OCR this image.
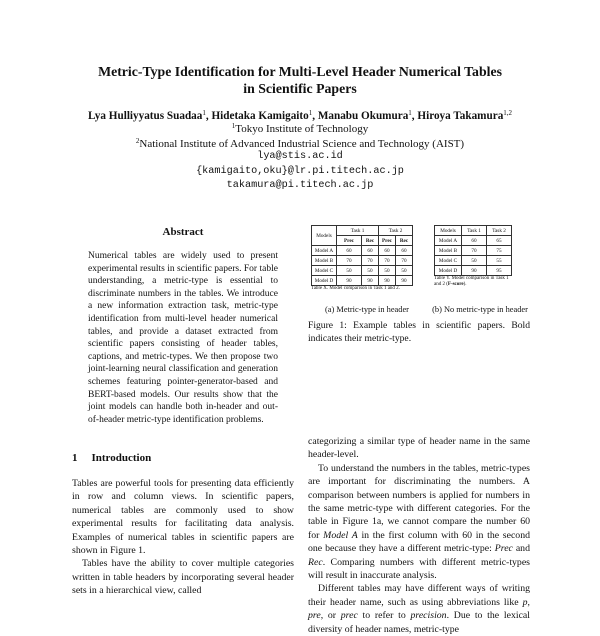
Metric-Type Identification for Multi-Level Header Numerical Tables
in Scientific Papers
Lya Hulliyyatus Suadaa$^1$, Hidetaka Kamigaito$^1$, Manabu Okumura$^1$, Hiroya Takamura$^{1,2}$
$^1$Tokyo Institute of Technology
$^2$National Institute of Advanced Industrial Science and Technology (AIST)
lya@stis.ac.id
{kamigaito,oku}@lr.pi.titech.ac.jp
takamura@pi.titech.ac.jp
Abstract
Numerical tables are widely used to present experimental results in scientific papers. For table understanding, a metric-type is essential to discriminate numbers in the tables. We introduce a new information extraction task, metric-type identification from multi-level header numerical tables, and provide a dataset extracted from scientific papers consisting of header tables, captions, and metric-types. We then propose two joint-learning neural classification and generation schemes featuring pointer-generator-based and BERT-based models. Our results show that the joint models can handle both in-header and out-of-header metric-type identification problems.
1 Introduction

Tables are powerful tools for presenting data efficiently in row and column views. In scientific papers, numerical tables are commonly used to show experimental results for facilitating data analysis. Examples of numerical tables in scientific papers are shown in Figure 1.

Tables have the ability to cover multiple categories written in table headers by incorporating several header sets in a hierarchical view, called

Models	Task 1		Task 2	
	Prec	Rec	Prec	Rec
Model A	60	60	60	60
Model B	70	70	70	70
Model C	50	50	50	50
Model D	90	90	90	90
Table X. Model comparison in Task 1 and 2.
(a) Metric-type in header
Models	Task 1	Task 2
Model A	60	65
Model B	70	75
Model C	50	55
Model D	90	95
Table Y. Model comparison in Task 1 and 2 (F-score).
(b) No metric-type in header
Figure 1: Example tables in scientific papers. Bold indicates their metric-type.

categorizing a similar type of header name in the same header-level.

To understand the numbers in the tables, metric-types are important for discriminating the numbers. A comparison between numbers is applied for numbers in the same metric-type with different categories. For the table in Figure 1a, we cannot compare the number 60 for Model A in the first column with 60 in the second one because they have a different metric-type: Prec and Rec. Comparing numbers with different metric-types will result in inaccurate analysis.

Different tables may have different ways of writing their header name, such as using abbreviations like p, pre, or prec to refer to precision. Due to the lexical diversity of header names, metric-type
